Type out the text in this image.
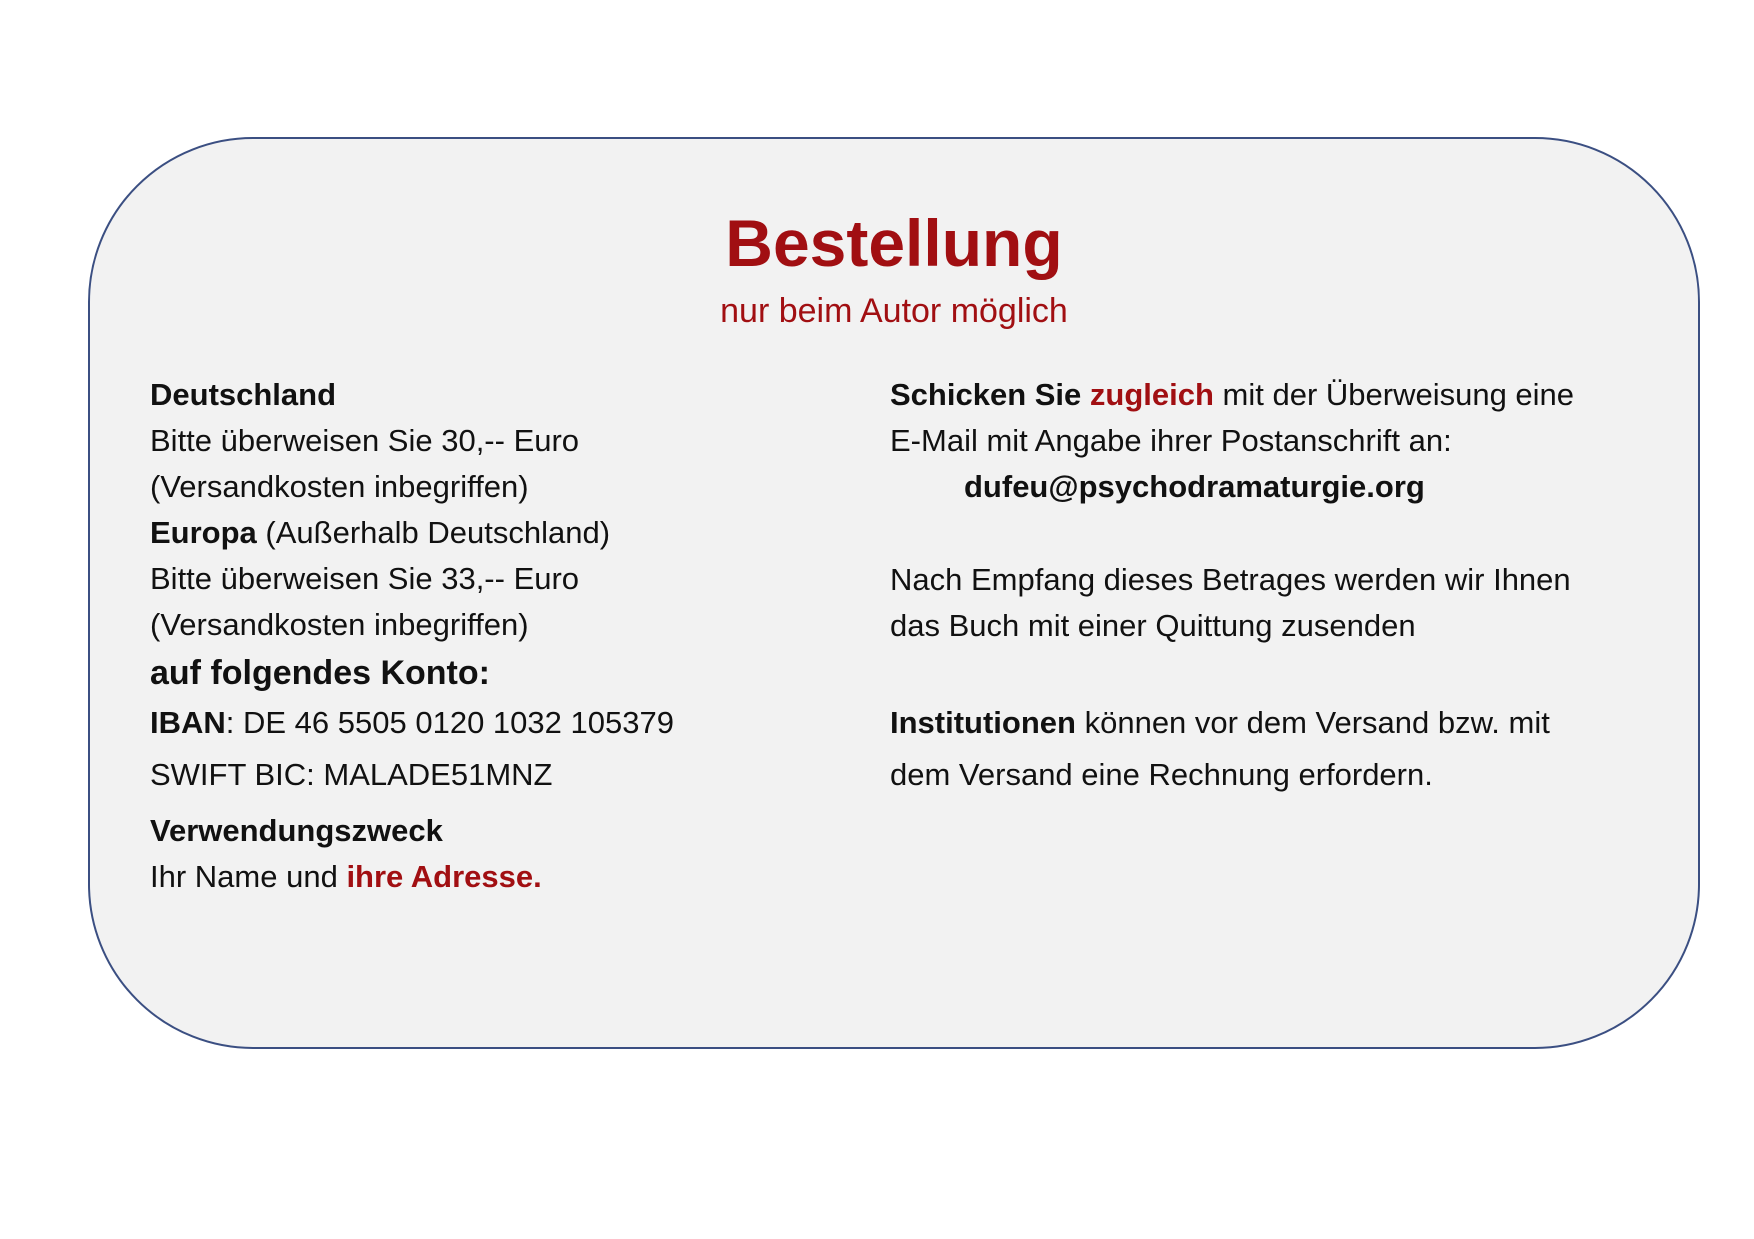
Bestellung
nur beim Autor möglich
Deutschland
Bitte überweisen Sie 30,-- Euro
(Versandkosten inbegriffen)
Europa (Außerhalb Deutschland)
Bitte überweisen Sie 33,-- Euro
(Versandkosten inbegriffen)
auf folgendes Konto:
IBAN: DE 46 5505 0120 1032 105379
SWIFT BIC: MALADE51MNZ
Verwendungszweck
Ihr Name und ihre Adresse.
Schicken Sie zugleich mit der Überweisung eine
E-Mail mit Angabe ihrer Postanschrift an:
dufeu@psychodramaturgie.org
Nach Empfang dieses Betrages werden wir Ihnen
das Buch mit einer Quittung zusenden
Institutionen können vor dem Versand bzw. mit
dem Versand eine Rechnung erfordern.
